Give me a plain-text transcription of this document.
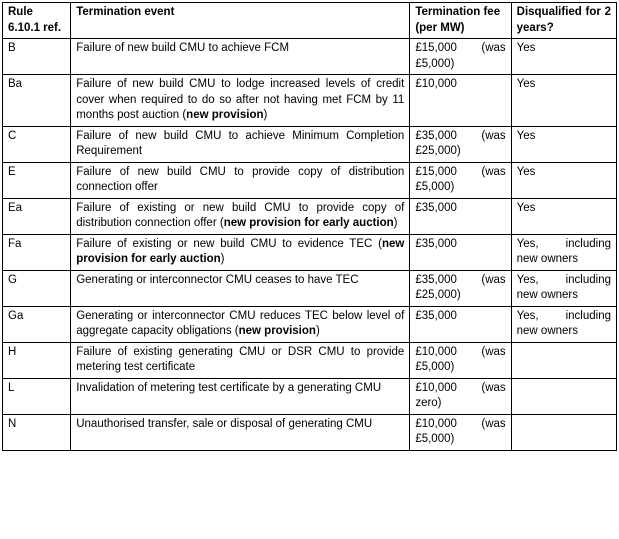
Rule 6.10.1 ref.	Termination event	Termination fee (per MW)	Disqualified for 2 years?
B	Failure of new build CMU to achieve FCM	£15,000 (was £5,000)	Yes
Ba	Failure of new build CMU to lodge increased levels of credit cover when required to do so after not having met FCM by 11 months post auction (new provision)	£10,000	Yes
C	Failure of new build CMU to achieve Minimum Completion Requirement	£35,000 (was £25,000)	Yes
E	Failure of new build CMU to provide copy of distribution connection offer	£15,000 (was £5,000)	Yes
Ea	Failure of existing or new build CMU to provide copy of distribution connection offer (new provision for early auction)	£35,000	Yes
Fa	Failure of existing or new build CMU to evidence TEC (new provision for early auction)	£35,000	Yes, including new owners
G	Generating or interconnector CMU ceases to have TEC	£35,000 (was £25,000)	Yes, including new owners
Ga	Generating or interconnector CMU reduces TEC below level of aggregate capacity obligations (new provision)	£35,000	Yes, including new owners
H	Failure of existing generating CMU or DSR CMU to provide metering test certificate	£10,000 (was £5,000)	
L	Invalidation of metering test certificate by a generating CMU	£10,000 (was zero)	
N	Unauthorised transfer, sale or disposal of generating CMU	£10,000 (was £5,000)	
